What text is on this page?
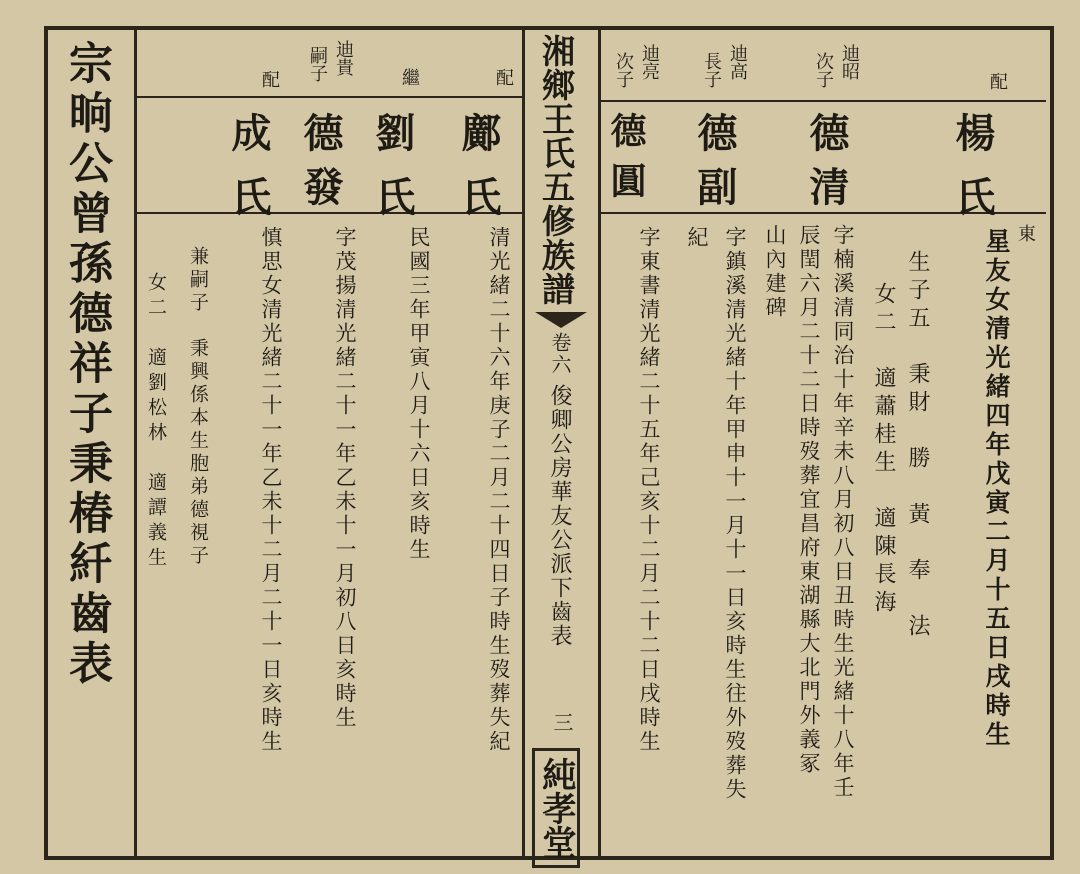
宗晌公曾孫德祥子秉椿䊹齒表	湘鄉王氏五修族譜
卷六
俊卿公房華友公派下齒表
三
純孝堂
東
配
楊氏
星友女清光緒四年戊寅二月十五日戌時生
生子五　秉財　勝　黃　奉　法
女二　適蕭桂生　適陳長海
迪昭
次子
德清
字楠溪清同治十年辛未八月初八日丑時生光緒十八年壬
辰閏六月二十二日時歿葬宜昌府東湖縣大北門外義冢
山內建碑
迪高
長子
德副
字鎮溪清光緒十年甲申十一月十一日亥時生往外歿葬失
紀
迪亮
次子
德圓
字東書清光緒二十五年己亥十二月二十二日戌時生
配
鄺氏
清光緒二十六年庚子二月二十四日子時生歿葬失紀
繼
劉氏
民國三年甲寅八月十六日亥時生
迪貴
嗣子
德發
字茂揚清光緒二十一年乙未十一月初八日亥時生
配
成氏
慎思女清光緒二十一年乙未十二月二十一日亥時生
兼嗣子　秉興係本生胞弟德視子
女二　適劉松林　適譚義生
